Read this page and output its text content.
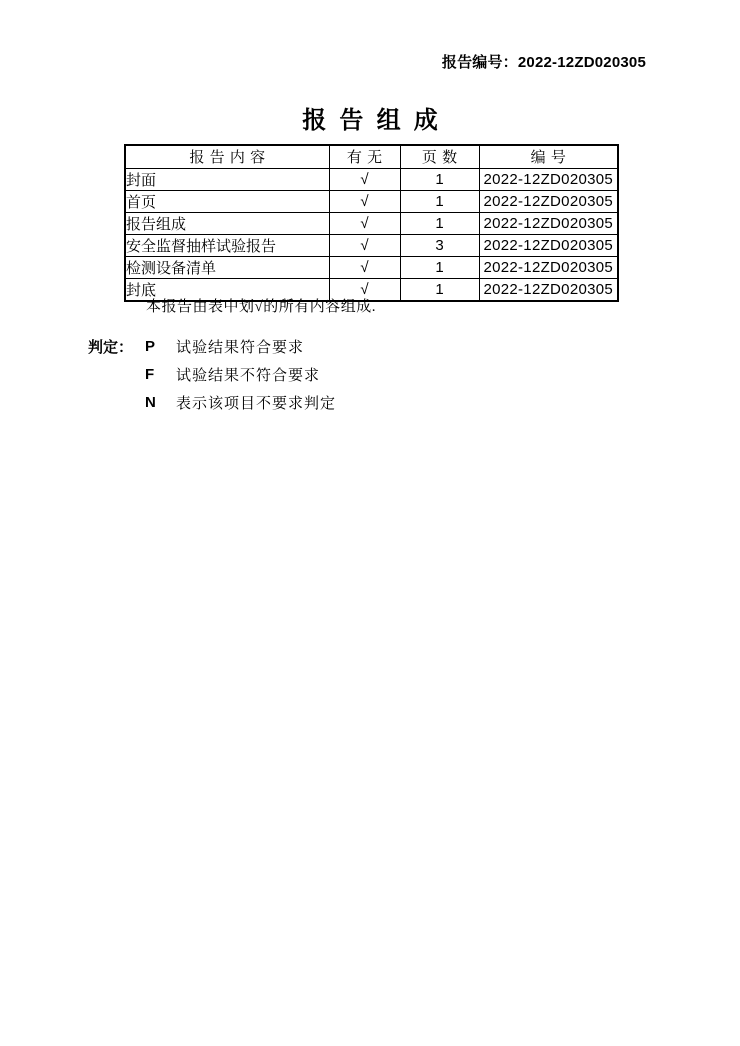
报告编号：2022-12ZD020305
报告组成
报告内容	有无	页数	编号
封面	√	1	2022-12ZD020305
首页	√	1	2022-12ZD020305
报告组成	√	1	2022-12ZD020305
安全监督抽样试验报告	√	3	2022-12ZD020305
检测设备清单	√	1	2022-12ZD020305
封底	√	1	2022-12ZD020305
本报告由表中划√的所有内容组成.
判定： P	试验结果符合要求
F	试验结果不符合要求
N	表示该项目不要求判定
